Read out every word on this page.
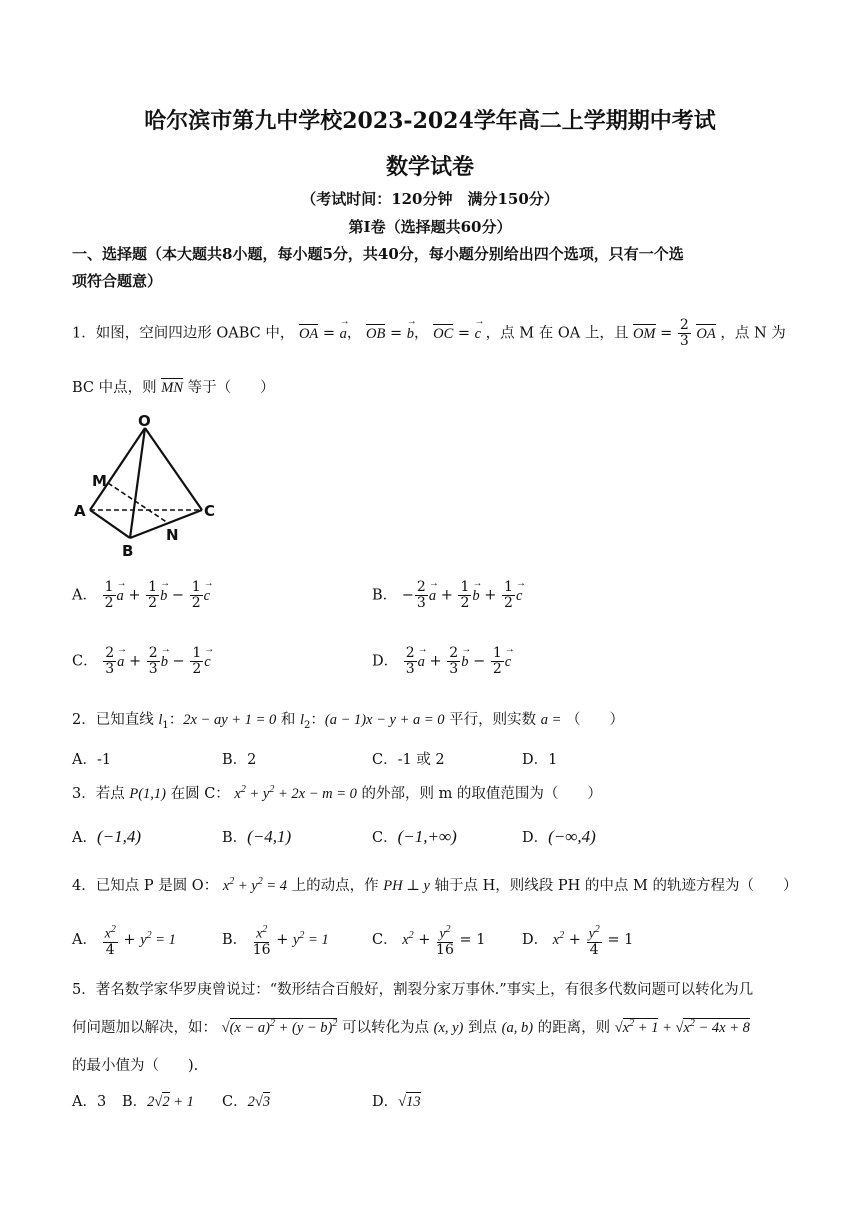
哈尔滨市第九中学校2023-2024学年高二上学期期中考试
数学试卷
（考试时间：120分钟　满分150分）
第Ⅰ卷（选择题共60分）
一、选择题（本大题共8小题，每小题5分，共40分，每小题分别给出四个选项，只有一个选
项符合题意）
1．如图，空间四边形 OABC 中， OA = → a， OB = → b， OC = → c ，点 M 在 OA 上，且 OM = $\frac{2}{3}$ OA ，点 N 为
BC 中点，则 MN 等于（　　）
O
M
A
B
N
C
A． $\frac{1}{2}$
→ $a + \frac{1}{2}$
→ $b - \frac{1}{2}$
→ c	B． − $\frac{2}{3}$
→ $a + \frac{1}{2}$
→ $b + \frac{1}{2}$
→ c
C． $\frac{2}{3}$
→ $a + \frac{2}{3}$
→ $b - \frac{1}{2}$
→ c	D． $\frac{2}{3}$
→ $a + \frac{2}{3}$
→ $b - \frac{1}{2}$
→ c
2．已知直线 $l_1$：2x − ay + 1 = 0 和 $l_2$：(a − 1)x − y + a = 0 平行，则实数 a = （　　）
A．-1	B．2	C．-1 或 2	D．1
3．若点 P(1,1) 在圆 C： $x^2 + y^2 + 2x - m = 0$ 的外部，则 m 的取值范围为（　　）
A．(−1,4)	B．(−4,1)	C．(−1,+∞)	D．(−∞,4)
4．已知点 P 是圆 O： $x^2 + y^2 = 4$ 上的动点，作 PH ⊥ y 轴于点 H，则线段 PH 的中点 M 的轨迹方程为（　　）
A． $\frac{x^2}{4} + y^2 = 1$	B． $\frac{x^2}{16} + y^2 = 1$	C． $x^2 + \frac{y^2}{16} = 1$	D． $x^2 + \frac{y^2}{4} = 1$
5．著名数学家华罗庚曾说过：“数形结合百般好，割裂分家万事休.”事实上，有很多代数问题可以转化为几
何问题加以解决，如： $√(x - a)^2 + (y - b)^2$ 可以转化为点 (x, y) 到点 (a, b) 的距离，则 $√x^2 + 1 + √x^2 - 4x + 8$
的最小值为（　　).
A．3 B．2√2 + 1 C．2√3	D．√13
